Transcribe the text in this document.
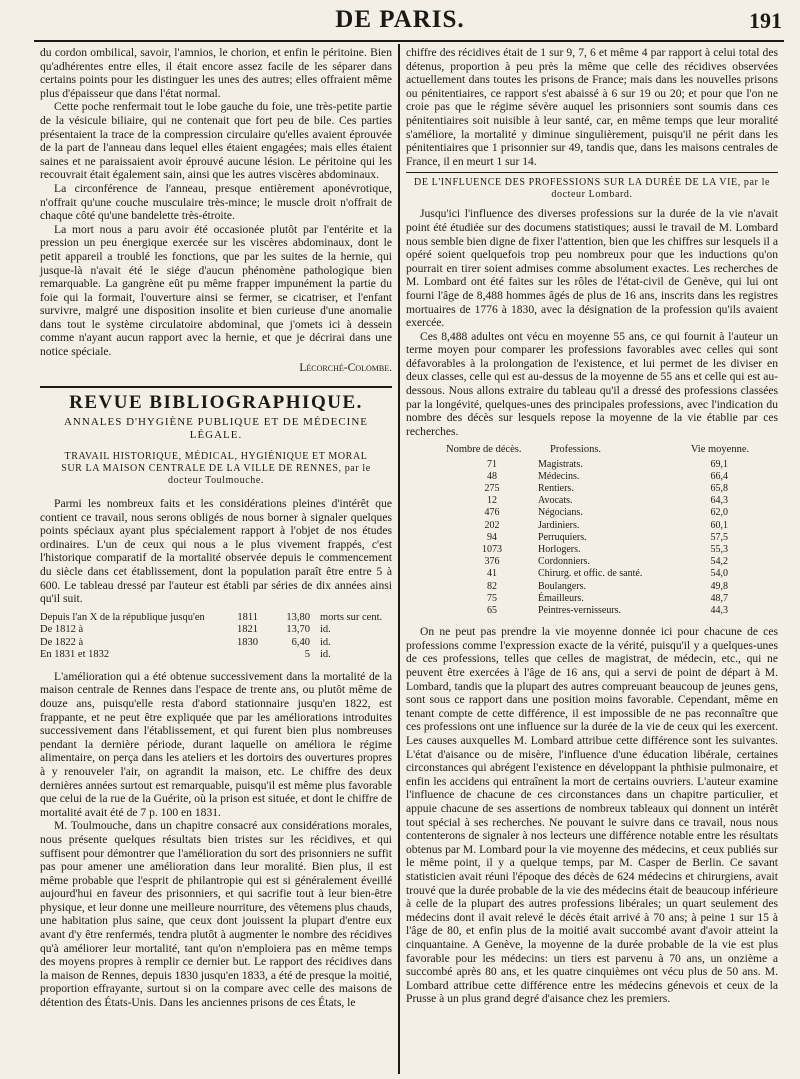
DE PARIS.	191

du cordon ombilical, savoir, l'amnios, le chorion, et enfin le péritoine. Bien qu'adhérentes entre elles, il était encore assez facile de les séparer dans certains points pour les distinguer les unes des autres; elles offraient même plus d'épaisseur que dans l'état normal.

Cette poche renfermait tout le lobe gauche du foie, une très-petite partie de la vésicule biliaire, qui ne contenait que fort peu de bile. Ces parties présentaient la trace de la compression circulaire qu'elles avaient éprouvée de la part de l'anneau dans lequel elles étaient engagées; mais elles étaient saines et ne paraissaient avoir éprouvé aucune lésion. Le péritoine qui les recouvrait était également sain, ainsi que les autres viscères abdominaux.

La circonférence de l'anneau, presque entièrement aponévrotique, n'offrait qu'une couche musculaire très-mince; le muscle droit n'offrait de chaque côté qu'une bandelette très-étroite.

La mort nous a paru avoir été occasionée plutôt par l'entérite et la pression un peu énergique exercée sur les viscères abdominaux, dont le petit appareil a troublé les fonctions, que par les suites de la hernie, qui jusque-là n'avait été le siége d'aucun phénomène pathologique bien remarquable. La gangrène eût pu même frapper impunément la partie du foie qui la formait, l'ouverture ainsi se fermer, se cicatriser, et l'enfant survivre, malgré une disposition insolite et bien curieuse d'une anomalie dans tout le système circulatoire abdominal, que j'omets ici à dessein comme n'ayant aucun rapport avec la hernie, et que je décrirai dans une notice spéciale.

Lécorché-Colombe.
REVUE BIBLIOGRAPHIQUE.
ANNALES D'HYGIÈNE PUBLIQUE ET DE MÉDECINE LÉGALE.
TRAVAIL HISTORIQUE, MÉDICAL, HYGIÉNIQUE ET MORAL SUR LA MAISON CENTRALE DE LA VILLE DE RENNES, par le docteur Toulmouche.

Parmi les nombreux faits et les considérations pleines d'intérêt que contient ce travail, nous serons obligés de nous borner à signaler quelques points spéciaux ayant plus spécialement rapport à l'objet de nos études ordinaires. L'un de ceux qui nous a le plus vivement frappés, c'est l'historique comparatif de la mortalité observée depuis le commencement du siècle dans cet établissement, dont la population paraît être entre 5 à 600. Le tableau dressé par l'auteur est établi par séries de dix années ainsi qu'il suit.

Depuis l'an X de la république jusqu'en	1811	13,80 morts sur cent.
De 1812 à	1821	13,70 id.
De 1822 à	1830	6,40 id.
En 1831 et 1832	5 id.

L'amélioration qui a été obtenue successivement dans la mortalité de la maison centrale de Rennes dans l'espace de trente ans, ou plutôt même de douze ans, puisqu'elle resta d'abord stationnaire jusqu'en 1822, est frappante, et ne peut être expliquée que par les améliorations introduites successivement dans l'établissement, et qui furent bien plus nombreuses pendant la dernière période, durant laquelle on améliora le régime alimentaire, on perça dans les ateliers et les dortoirs des ouvertures propres à y renouveler l'air, on agrandit la maison, etc. Le chiffre des deux dernières années surtout est remarquable, puisqu'il est même plus favorable que celui de la rue de la Guérite, où la prison est située, et dont le chiffre de mortalité avait été de 7 p. 100 en 1831.

M. Toulmouche, dans un chapitre consacré aux considérations morales, nous présente quelques résultats bien tristes sur les récidives, et qui suffisent pour démontrer que l'amélioration du sort des prisonniers ne suffit pas pour amener une amélioration dans leur moralité. Bien plus, il est même probable que l'esprit de philantropie qui est si généralement éveillé aujourd'hui en faveur des prisonniers, et qui sacrifie tout à leur bien-être physique, et leur donne une meilleure nourriture, des vêtemens plus chauds, une habitation plus saine, que ceux dont jouissent la plupart d'entre eux avant d'y être renfermés, tendra plutôt à augmenter le nombre des récidives qu'à améliorer leur mortalité, tant qu'on n'emploiera pas en même temps des moyens propres à remplir ce dernier but. Le rapport des récidives dans la maison de Rennes, depuis 1830 jusqu'en 1833, a été de presque la moitié, proportion effrayante, surtout si on la compare avec celle des maisons de détention des États-Unis. Dans les anciennes prisons de ces États, le

chiffre des récidives était de 1 sur 9, 7, 6 et même 4 par rapport à celui total des détenus, proportion à peu près la même que celle des récidives observées actuellement dans toutes les prisons de France; mais dans les nouvelles prisons ou pénitentiaires, ce rapport s'est abaissé à 6 sur 19 ou 20; et pour que l'on ne croie pas que le régime sévère auquel les prisonniers sont soumis dans ces pénitentiaires soit nuisible à leur santé, car, en même temps que leur moralité s'améliore, la mortalité y diminue singulièrement, puisqu'il ne périt dans les pénitentiaires que 1 prisonnier sur 49, tandis que, dans les maisons centrales de France, il en meurt 1 sur 14.

DE L'INFLUENCE DES PROFESSIONS SUR LA DURÉE DE LA VIE, par le docteur Lombard.

Jusqu'ici l'influence des diverses professions sur la durée de la vie n'avait point été étudiée sur des documens statistiques; aussi le travail de M. Lombard nous semble bien digne de fixer l'attention, bien que les chiffres sur lesquels il a opéré soient quelquefois trop peu nombreux pour que les inductions qu'on pourrait en tirer soient admises comme absolument exactes. Les recherches de M. Lombard ont été faites sur les rôles de l'état-civil de Genève, qui lui ont fourni l'âge de 8,488 hommes âgés de plus de 16 ans, inscrits dans les registres mortuaires de 1776 à 1830, avec la désignation de la profession qu'ils avaient exercée.

Ces 8,488 adultes ont vécu en moyenne 55 ans, ce qui fournit à l'auteur un terme moyen pour comparer les professions favorables avec celles qui sont défavorables à la prolongation de l'existence, et lui permet de les diviser en deux classes, celle qui est au-dessus de la moyenne de 55 ans et celle qui est au-dessous. Nous allons extraire du tableau qu'il a dressé des professions classées par la longévité, quelques-unes des principales professions, avec l'indication du nombre des décès sur lesquels repose la moyenne de la vie établie par ces recherches.

Nombre de décès.	Professions.	Vie moyenne.
71	Magistrats.	69,1
48	Médecins.	66,4
275	Rentiers.	65,8
12	Avocats.	64,3
476	Négocians.	62,0
202	Jardiniers.	60,1
94	Perruquiers.	57,5
1073	Horlogers.	55,3
376	Cordonniers.	54,2
41	Chirurg. et offic. de santé.	54,0
82	Boulangers.	49,8
75	Émailleurs.	48,7
65	Peintres-vernisseurs.	44,3

On ne peut pas prendre la vie moyenne donnée ici pour chacune de ces professions comme l'expression exacte de la vérité, puisqu'il y a quelques-unes de ces professions, telles que celles de magistrat, de médecin, etc., qui ne peuvent être exercées à l'âge de 16 ans, qui a servi de point de départ à M. Lombard, tandis que la plupart des autres compreuant beaucoup de jeunes gens, sont sous ce rapport dans une position moins favorable. Cependant, même en tenant compte de cette différence, il est impossible de ne pas reconnaître que ces professions ont une influence sur la durée de la vie de ceux qui les exercent. Les causes auxquelles M. Lombard attribue cette différence sont les suivantes. L'état d'aisance ou de misère, l'influence d'une éducation libérale, certaines circonstances qui abrégent l'existence en développant la phthisie pulmonaire, et enfin les accidens qui entraînent la mort de certains ouvriers. L'auteur examine l'influence de chacune de ces circonstances dans un chapitre particulier, et appuie chacune de ses assertions de nombreux tableaux qui donnent un intérêt tout spécial à ses recherches. Ne pouvant le suivre dans ce travail, nous nous contenterons de signaler à nos lecteurs une différence notable entre les résultats obtenus par M. Lombard pour la vie moyenne des médecins, et ceux publiés sur le même point, il y a quelque temps, par M. Casper de Berlin. Ce savant statisticien avait réuni l'époque des décès de 624 médecins et chirurgiens, avait trouvé que la durée probable de la vie des médecins était de beaucoup inférieure à celle de la plupart des autres professions libérales; un quart seulement des médecins dont il avait relevé le décès était arrivé à 70 ans; à peine 1 sur 15 à l'âge de 80, et enfin plus de la moitié avait succombé avant d'avoir atteint la cinquantaine. A Genève, la moyenne de la durée probable de la vie est plus favorable pour les médecins: un tiers est parvenu à 70 ans, un onzième a succombé après 80 ans, et les quatre cinquièmes ont vécu plus de 50 ans. M. Lombard attribue cette différence entre les médecins génevois et ceux de la Prusse à un plus grand degré d'aisance chez les premiers.
